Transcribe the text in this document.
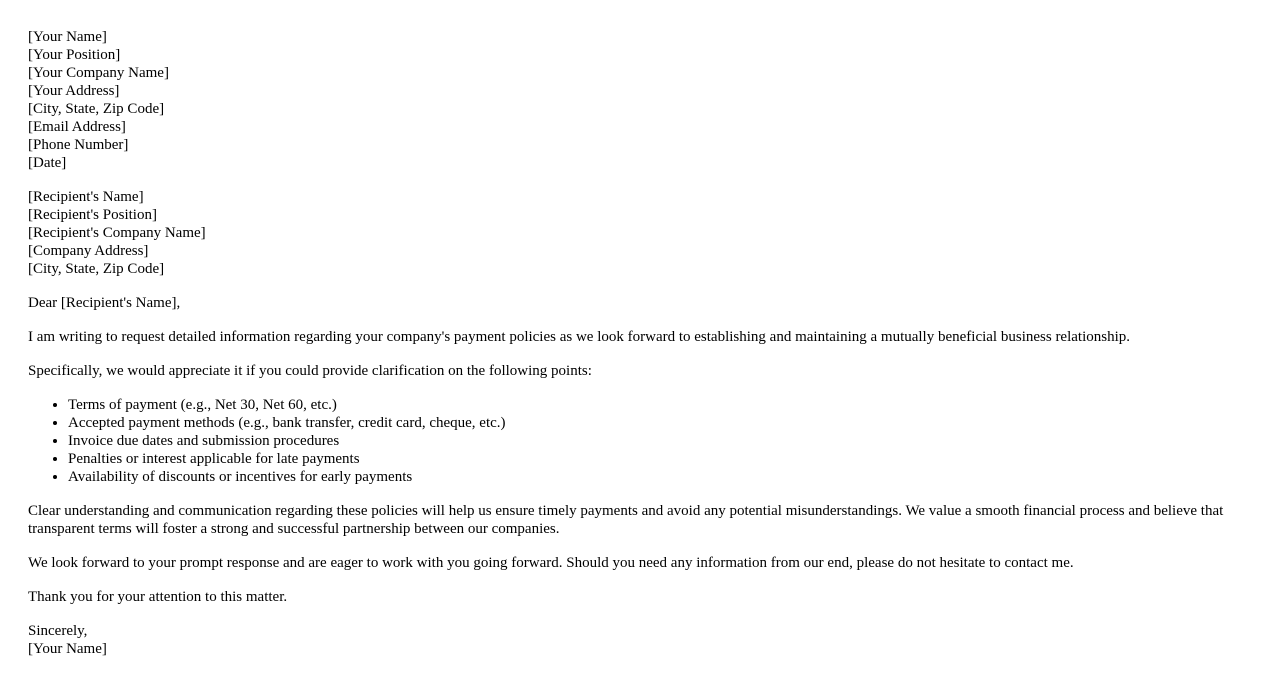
[Your Name]
[Your Position]
[Your Company Name]
[Your Address]
[City, State, Zip Code]
[Email Address]
[Phone Number]
[Date]
[Recipient's Name]
[Recipient's Position]
[Recipient's Company Name]
[Company Address]
[City, State, Zip Code]

Dear [Recipient's Name],

I am writing to request detailed information regarding your company's payment policies as we look forward to establishing and maintaining a mutually beneficial business relationship.

Specifically, we would appreciate it if you could provide clarification on the following points:

• Terms of payment (e.g., Net 30, Net 60, etc.)
• Accepted payment methods (e.g., bank transfer, credit card, cheque, etc.)
• Invoice due dates and submission procedures
• Penalties or interest applicable for late payments
• Availability of discounts or incentives for early payments

Clear understanding and communication regarding these policies will help us ensure timely payments and avoid any potential misunderstandings. We value a smooth financial process and believe that transparent terms will foster a strong and successful partnership between our companies.

We look forward to your prompt response and are eager to work with you going forward. Should you need any information from our end, please do not hesitate to contact me.

Thank you for your attention to this matter.

Sincerely,
[Your Name]
